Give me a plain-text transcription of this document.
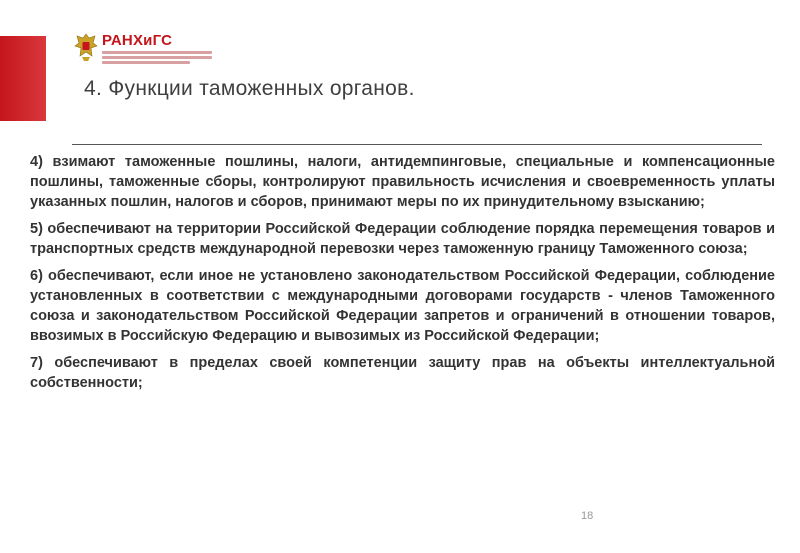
РАНХиГС
4. Функции таможенных органов.

4) взимают таможенные пошлины, налоги, антидемпинговые, специальные и компенсационные пошлины, таможенные сборы, контролируют правильность исчисления и своевременность уплаты указанных пошлин, налогов и сборов, принимают меры по их принудительному взысканию;

5) обеспечивают на территории Российской Федерации соблюдение порядка перемещения товаров и транспортных средств международной перевозки через таможенную границу Таможенного союза;

6) обеспечивают, если иное не установлено законодательством Российской Федерации, соблюдение установленных в соответствии с международными договорами государств - членов Таможенного союза и законодательством Российской Федерации запретов и ограничений в отношении товаров, ввозимых в Российскую Федерацию и вывозимых из Российской Федерации;

7) обеспечивают в пределах своей компетенции защиту прав на объекты интеллектуальной собственности;

18
